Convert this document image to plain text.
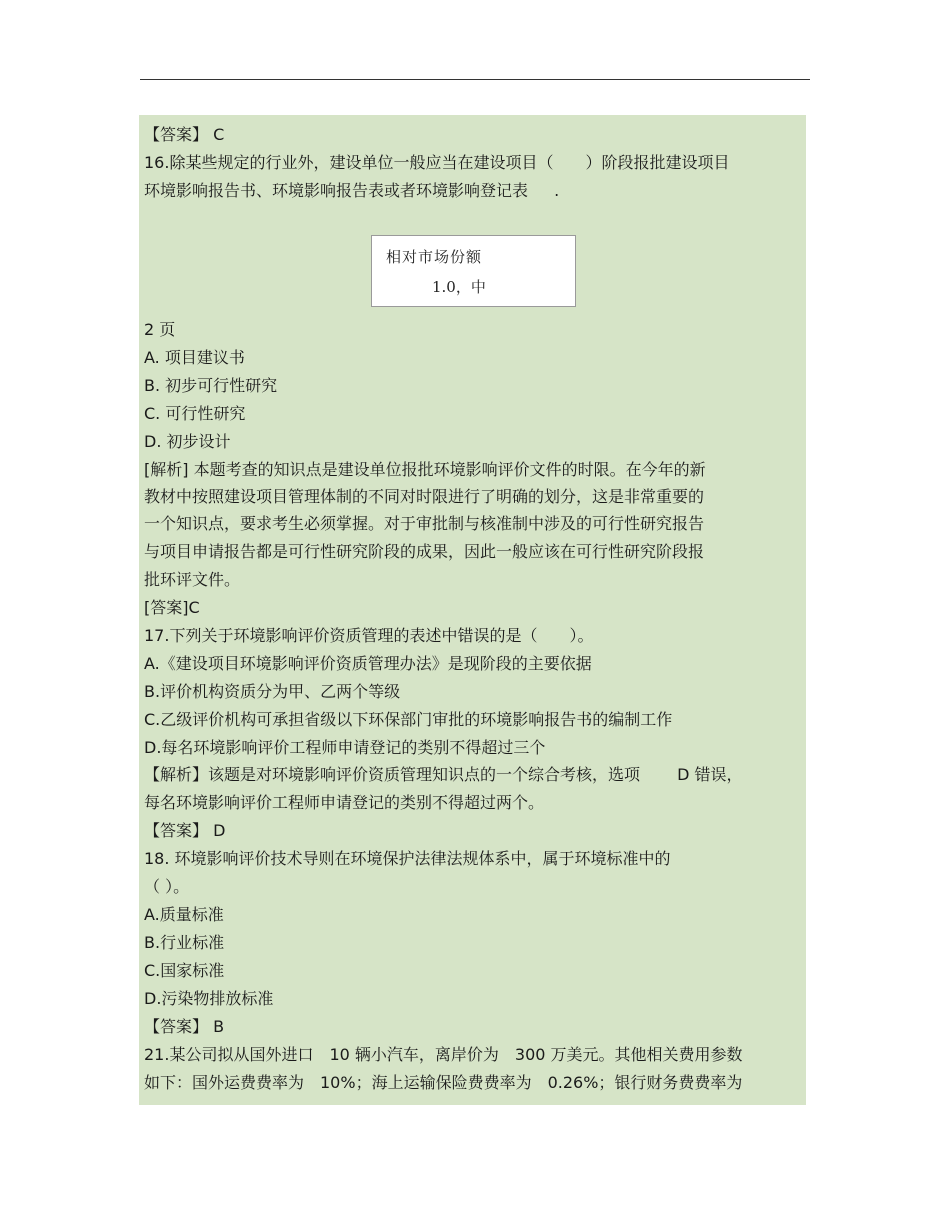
【答案】 C
16.除某些规定的行业外，建设单位一般应当在建设项目（　　）阶段报批建设项目
环境影响报告书、环境影响报告表或者环境影响登记表　  .
相对市场份额
1.0，中
2 页
A. 项目建议书
B. 初步可行性研究
C. 可行性研究
D. 初步设计
[解析] 本题考查的知识点是建设单位报批环境影响评价文件的时限。在今年的新
教材中按照建设项目管理体制的不同对时限进行了明确的划分，这是非常重要的
一个知识点，要求考生必须掌握。对于审批制与核准制中涉及的可行性研究报告
与项目申请报告都是可行性研究阶段的成果，因此一般应该在可行性研究阶段报
批环评文件。
[答案]C
17.下列关于环境影响评价资质管理的表述中错误的是（　　）。
A.《建设项目环境影响评价资质管理办法》是现阶段的主要依据
B.评价机构资质分为甲、乙两个等级
C.乙级评价机构可承担省级以下环保部门审批的环境影响报告书的编制工作
D.每名环境影响评价工程师申请登记的类别不得超过三个
【解析】该题是对环境影响评价资质管理知识点的一个综合考核，选项　　 D 错误，
每名环境影响评价工程师申请登记的类别不得超过两个。
【答案】 D
18. 环境影响评价技术导则在环境保护法律法规体系中，属于环境标准中的
（ ）。
A.质量标准
B.行业标准
C.国家标准
D.污染物排放标准
【答案】 B
21.某公司拟从国外进口　10 辆小汽车，离岸价为　300 万美元。其他相关费用参数
如下：国外运费费率为　10%；海上运输保险费费率为　0.26%；银行财务费费率为
